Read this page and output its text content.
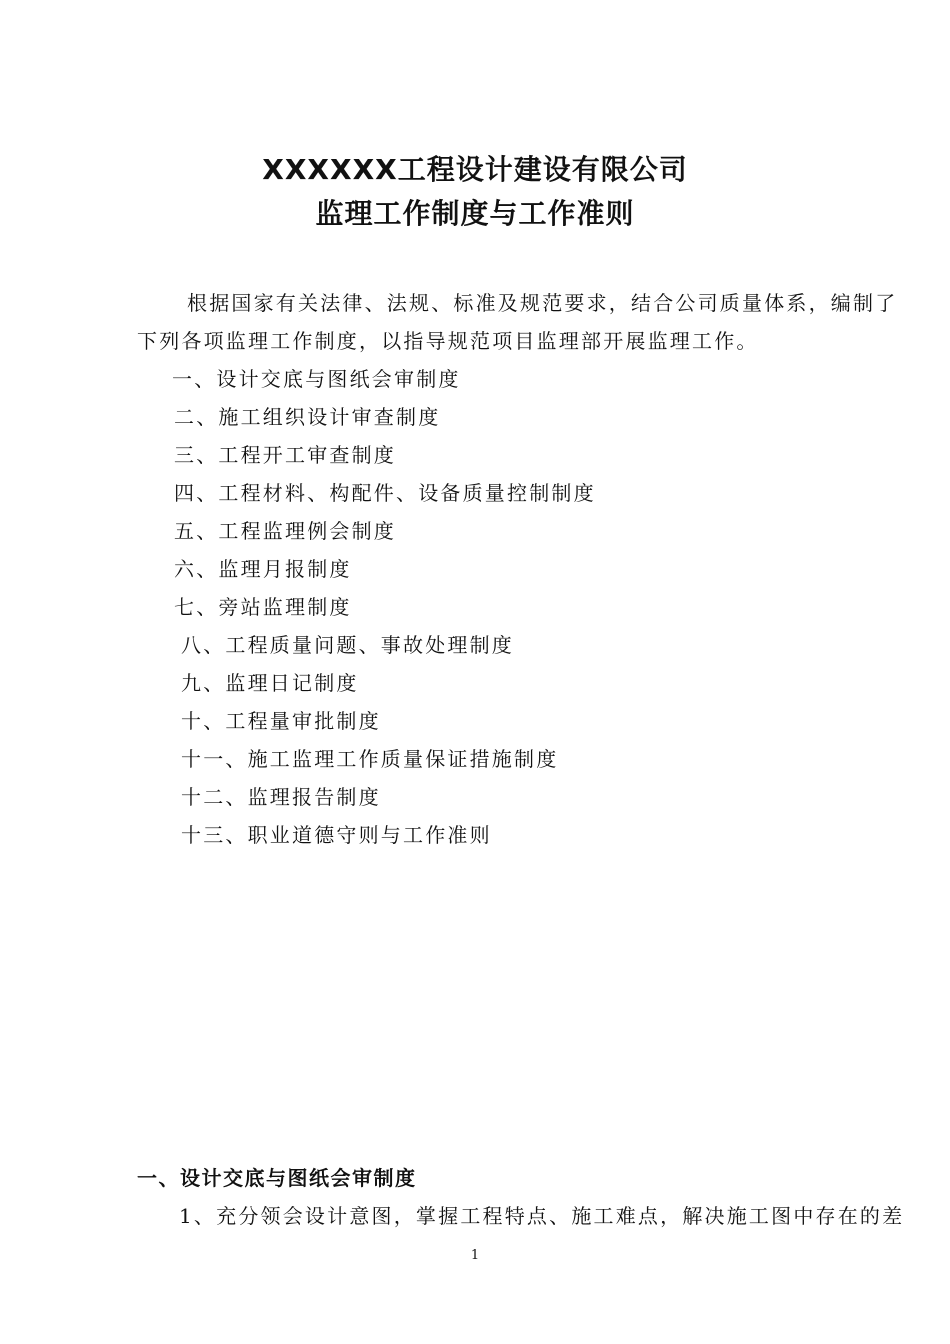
XXXXXX工程设计建设有限公司
监理工作制度与工作准则
根据国家有关法律、法规、标准及规范要求，结合公司质量体系，编制了
下列各项监理工作制度，以指导规范项目监理部开展监理工作。
一、设计交底与图纸会审制度
二、施工组织设计审查制度
三、工程开工审查制度
四、工程材料、构配件、设备质量控制制度
五、工程监理例会制度
六、监理月报制度
七、旁站监理制度
八、工程质量问题、事故处理制度
九、监理日记制度
十、工程量审批制度
十一、施工监理工作质量保证措施制度
十二、监理报告制度
十三、职业道德守则与工作准则
一、设计交底与图纸会审制度
1、充分领会设计意图，掌握工程特点、施工难点，解决施工图中存在的差
1
